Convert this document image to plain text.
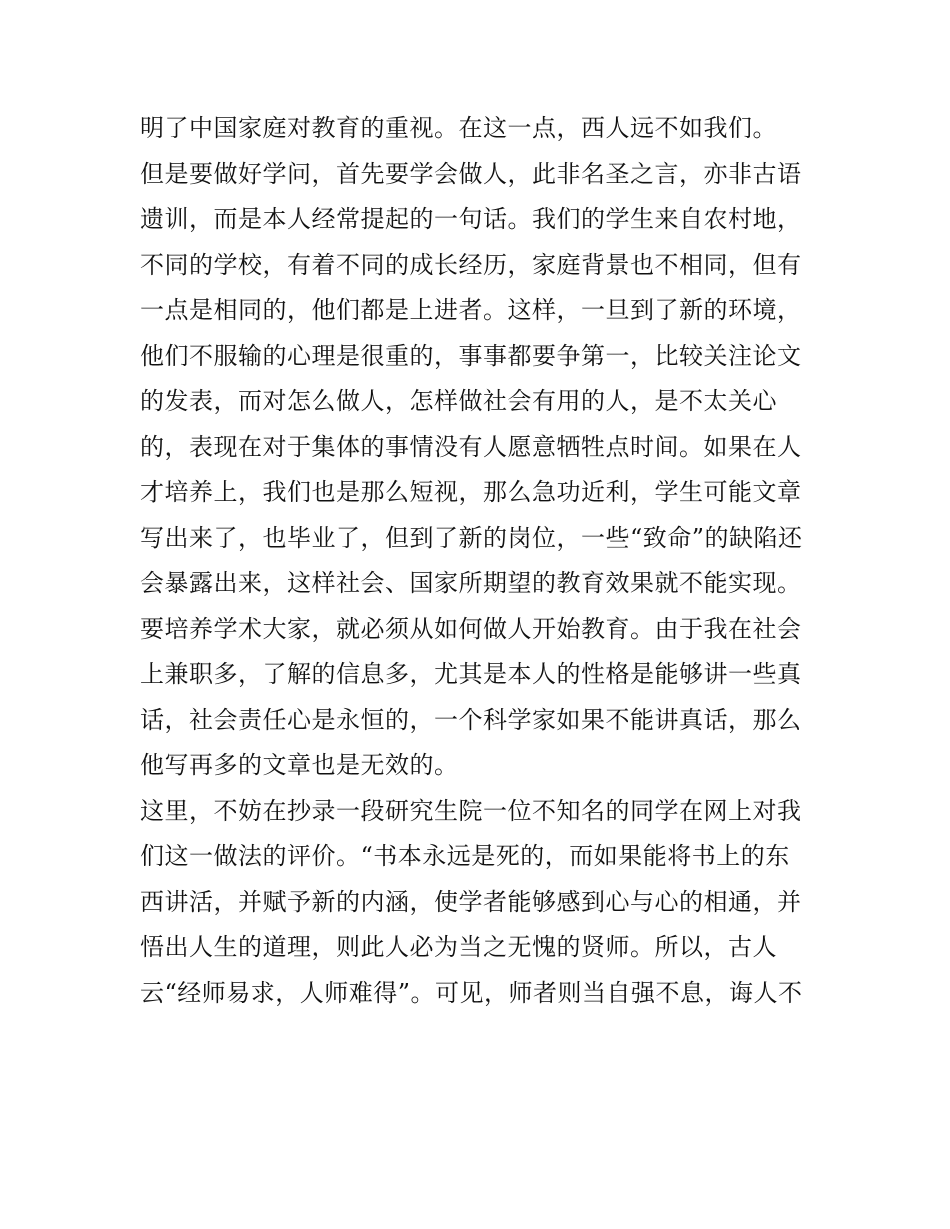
明了中国家庭对教育的重视。在这一点，西人远不如我们。
但是要做好学问，首先要学会做人，此非名圣之言，亦非古语
遗训，而是本人经常提起的一句话。我们的学生来自农村地，
不同的学校，有着不同的成长经历，家庭背景也不相同，但有
一点是相同的，他们都是上进者。这样，一旦到了新的环境，
他们不服输的心理是很重的，事事都要争第一，比较关注论文
的发表，而对怎么做人，怎样做社会有用的人，是不太关心
的，表现在对于集体的事情没有人愿意牺牲点时间。如果在人
才培养上，我们也是那么短视，那么急功近利，学生可能文章
写出来了，也毕业了，但到了新的岗位，一些“致命”的缺陷还
会暴露出来，这样社会、国家所期望的教育效果就不能实现。
要培养学术大家，就必须从如何做人开始教育。由于我在社会
上兼职多，了解的信息多，尤其是本人的性格是能够讲一些真
话，社会责任心是永恒的，一个科学家如果不能讲真话，那么
他写再多的文章也是无效的。
这里，不妨在抄录一段研究生院一位不知名的同学在网上对我
们这一做法的评价。“书本永远是死的，而如果能将书上的东
西讲活，并赋予新的内涵，使学者能够感到心与心的相通，并
悟出人生的道理，则此人必为当之无愧的贤师。所以，古人
云“经师易求，人师难得”。可见，师者则当自强不息，诲人不
